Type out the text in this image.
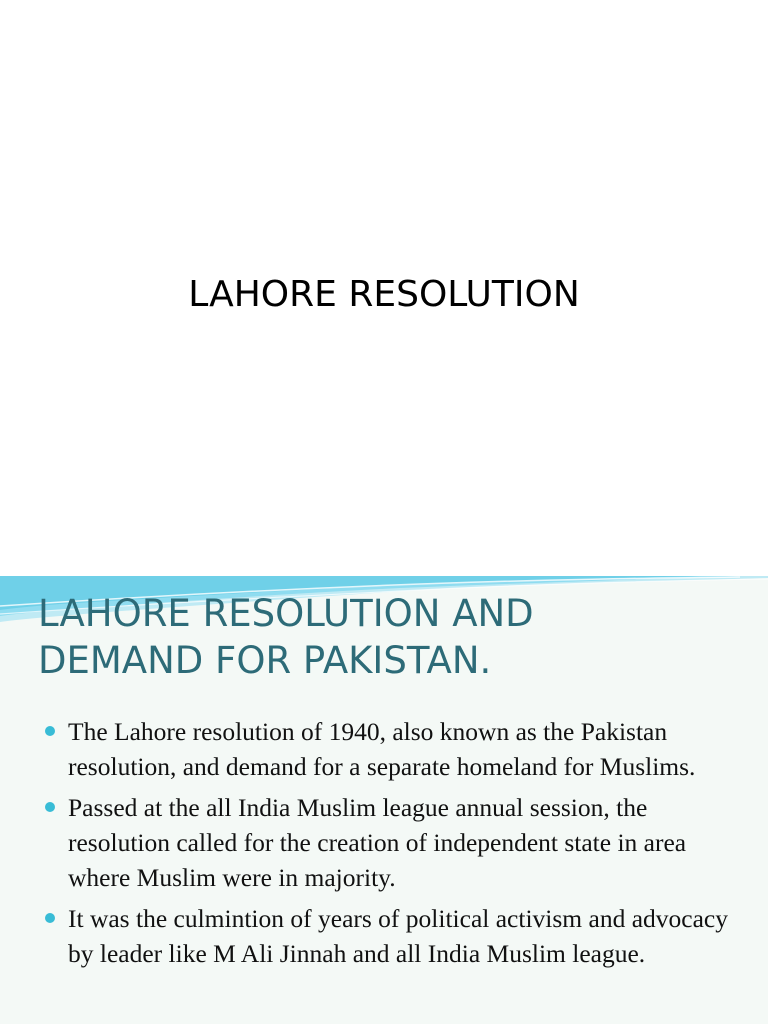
LAHORE RESOLUTION
LAHORE RESOLUTION AND
DEMAND FOR PAKISTAN.
The Lahore resolution of 1940, also known as the Pakistan resolution, and demand for a separate homeland for Muslims.
Passed at the all India Muslim league annual session, the resolution called for the creation of independent state in area where Muslim were in majority.
It was the culmintion of years of political activism and advocacy by leader like M Ali Jinnah and all India Muslim league.
